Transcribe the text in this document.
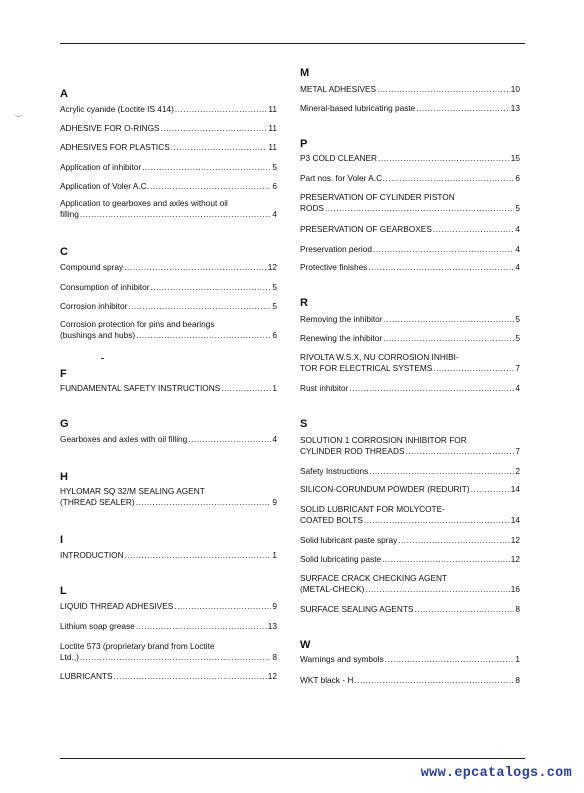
A
Acrylic cyanide (Loctite IS 414) .....	11
ADHESIVE FOR O-RINGS .....	11
ADHESIVES FOR PLASTICS .....	11
Application of inhibitor .....	5
Application of Voler A.C. .....	6
Application to gearboxes and axles without oil
filling .....	4
C
Compound spray .....	12
Consumption of inhibitor .....	5
Corrosion inhibitor .....	5
Corrosion protection for pins and bearings
(bushings and hubs) .....	6
F
FUNDAMENTAL SAFETY INSTRUCTIONS .....	1
G
Gearboxes and axles with oil filling .....	4
H
HYLOMAR SQ 32/M SEALING AGENT
(THREAD SEALER) .....	9
I
INTRODUCTION .....	1
L
LIQUID THREAD ADHESIVES .....	9
Lithium soap grease .....	13
Loctite 573 (proprietary brand from Loctite
Ltd.,) .....	8
LUBRICANTS .....	12
M
METAL ADHESIVES .....	10
Mineral-based lubricating paste .....	13
P
P3 COLD CLEANER .....	15
Part nos. for Voler A.C. .....	6
PRESERVATION OF CYLINDER PISTON
RODS .....	5
PRESERVATION OF GEARBOXES .....	4
Preservation period .....	4
Protective finishes .....	4
R
Removing the inhibitor .....	5
Renewing the inhibitor .....	5
RIVOLTA W.S.X, NU CORROSION INHIBI-
TOR FOR ELECTRICAL SYSTEMS .....	7
Rust inhibitor .....	4
S
SOLUTION 1 CORROSION INHIBITOR FOR
CYLINDER ROD THREADS .....	7
Safety Instructions .....	2
SILICON-CORUNDUM POWDER (REDURIT) .....	14
SOLID LUBRICANT FOR MOLYCOTE-
COATED BOLTS .....	14
Solid lubricant paste spray .....	12
Solid lubricating paste .....	12
SURFACE CRACK CHECKING AGENT
(METAL-CHECK) .....	16
SURFACE SEALING AGENTS .....	8
W
Warnings and symbols .....	1
WKT black - H .....	8
www.epcatalogs.com
